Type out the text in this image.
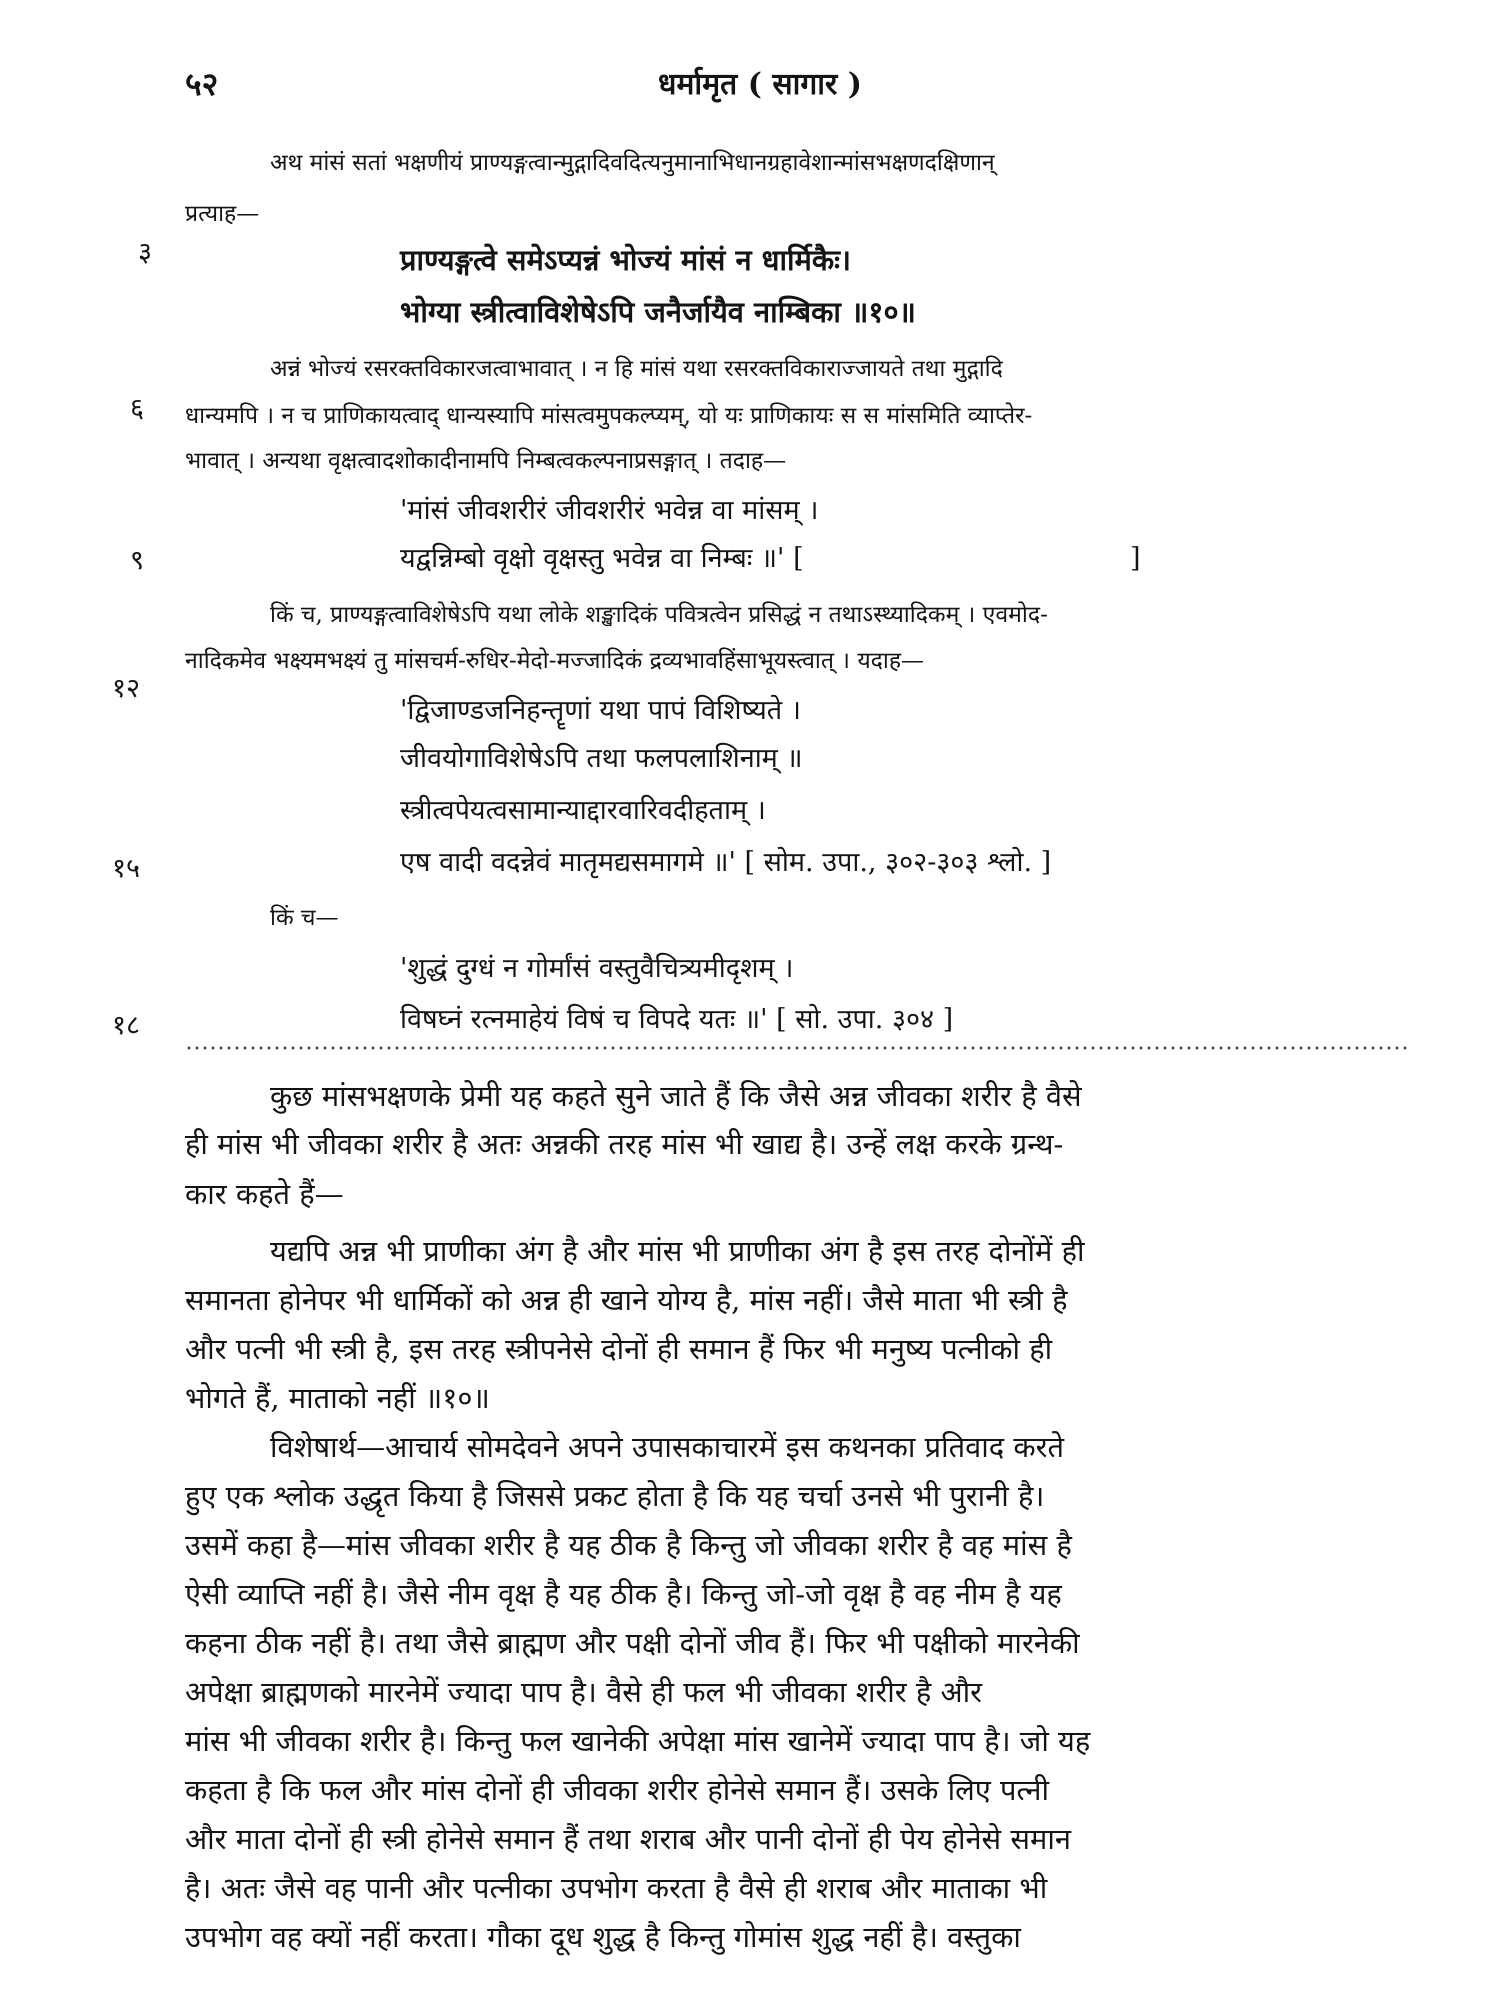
५२	धर्मामृत ( सागार )
३
६
९
१२
१५
१८
अथ मांसं सतां भक्षणीयं प्राण्यङ्गत्वान्मुद्गादिवदित्यनुमानाभिधानग्रहावेशान्मांसभक्षणदक्षिणान्
प्रत्याह—
प्राण्यङ्गत्वे समेऽप्यन्नं भोज्यं मांसं न धार्मिकैः।
भोग्या स्त्रीत्वाविशेषेऽपि जनैर्जायैव नाम्बिका ॥१०॥
अन्नं भोज्यं रसरक्तविकारजत्वाभावात् । न हि मांसं यथा रसरक्तविकाराज्जायते तथा मुद्गादि
धान्यमपि । न च प्राणिकायत्वाद् धान्यस्यापि मांसत्वमुपकल्प्यम्, यो यः प्राणिकायः स स मांसमिति व्याप्तेर-
भावात् । अन्यथा वृक्षत्वादशोकादीनामपि निम्बत्वकल्पनाप्रसङ्गात् । तदाह—
'मांसं जीवशरीरं जीवशरीरं भवेन्न वा मांसम् ।
यद्वन्निम्बो वृक्षो वृक्षस्तु भवेन्न वा निम्बः ॥' [	]
किं च, प्राण्यङ्गत्वाविशेषेऽपि यथा लोके शङ्खादिकं पवित्रत्वेन प्रसिद्धं न तथाऽस्थ्यादिकम् । एवमोद-
नादिकमेव भक्ष्यमभक्ष्यं तु मांसचर्म-रुधिर-मेदो-मज्जादिकं द्रव्यभावहिंसाभूयस्त्वात् । यदाह—
'द्विजाण्डजनिहन्तॄणां यथा पापं विशिष्यते ।
जीवयोगाविशेषेऽपि तथा फलपलाशिनाम् ॥
स्त्रीत्वपेयत्वसामान्याद्दारवारिवदीहताम् ।
एष वादी वदन्नेवं मातृमद्यसमागमे ॥' [ सोम. उपा., ३०२-३०३ श्लो. ]
किं च—
'शुद्धं दुग्धं न गोर्मांसं वस्तुवैचित्र्यमीदृशम् ।
विषघ्नं रत्नमाहेयं विषं च विपदे यतः ॥' [ सो. उपा. ३०४ ]
कुछ मांसभक्षणके प्रेमी यह कहते सुने जाते हैं कि जैसे अन्न जीवका शरीर है वैसे
ही मांस भी जीवका शरीर है अतः अन्नकी तरह मांस भी खाद्य है। उन्हें लक्ष करके ग्रन्थ-
कार कहते हैं—
यद्यपि अन्न भी प्राणीका अंग है और मांस भी प्राणीका अंग है इस तरह दोनोंमें ही
समानता होनेपर भी धार्मिकों को अन्न ही खाने योग्य है, मांस नहीं। जैसे माता भी स्त्री है
और पत्नी भी स्त्री है, इस तरह स्त्रीपनेसे दोनों ही समान हैं फिर भी मनुष्य पत्नीको ही
भोगते हैं, माताको नहीं ॥१०॥
विशेषार्थ—आचार्य सोमदेवने अपने उपासकाचारमें इस कथनका प्रतिवाद करते
हुए एक श्लोक उद्धृत किया है जिससे प्रकट होता है कि यह चर्चा उनसे भी पुरानी है।
उसमें कहा है—मांस जीवका शरीर है यह ठीक है किन्तु जो जीवका शरीर है वह मांस है
ऐसी व्याप्ति नहीं है। जैसे नीम वृक्ष है यह ठीक है। किन्तु जो-जो वृक्ष है वह नीम है यह
कहना ठीक नहीं है। तथा जैसे ब्राह्मण और पक्षी दोनों जीव हैं। फिर भी पक्षीको मारनेकी
अपेक्षा ब्राह्मणको मारनेमें ज्यादा पाप है। वैसे ही फल भी जीवका शरीर है और
मांस भी जीवका शरीर है। किन्तु फल खानेकी अपेक्षा मांस खानेमें ज्यादा पाप है। जो यह
कहता है कि फल और मांस दोनों ही जीवका शरीर होनेसे समान हैं। उसके लिए पत्नी
और माता दोनों ही स्त्री होनेसे समान हैं तथा शराब और पानी दोनों ही पेय होनेसे समान
है। अतः जैसे वह पानी और पत्नीका उपभोग करता है वैसे ही शराब और माताका भी
उपभोग वह क्यों नहीं करता। गौका दूध शुद्ध है किन्तु गोमांस शुद्ध नहीं है। वस्तुका
